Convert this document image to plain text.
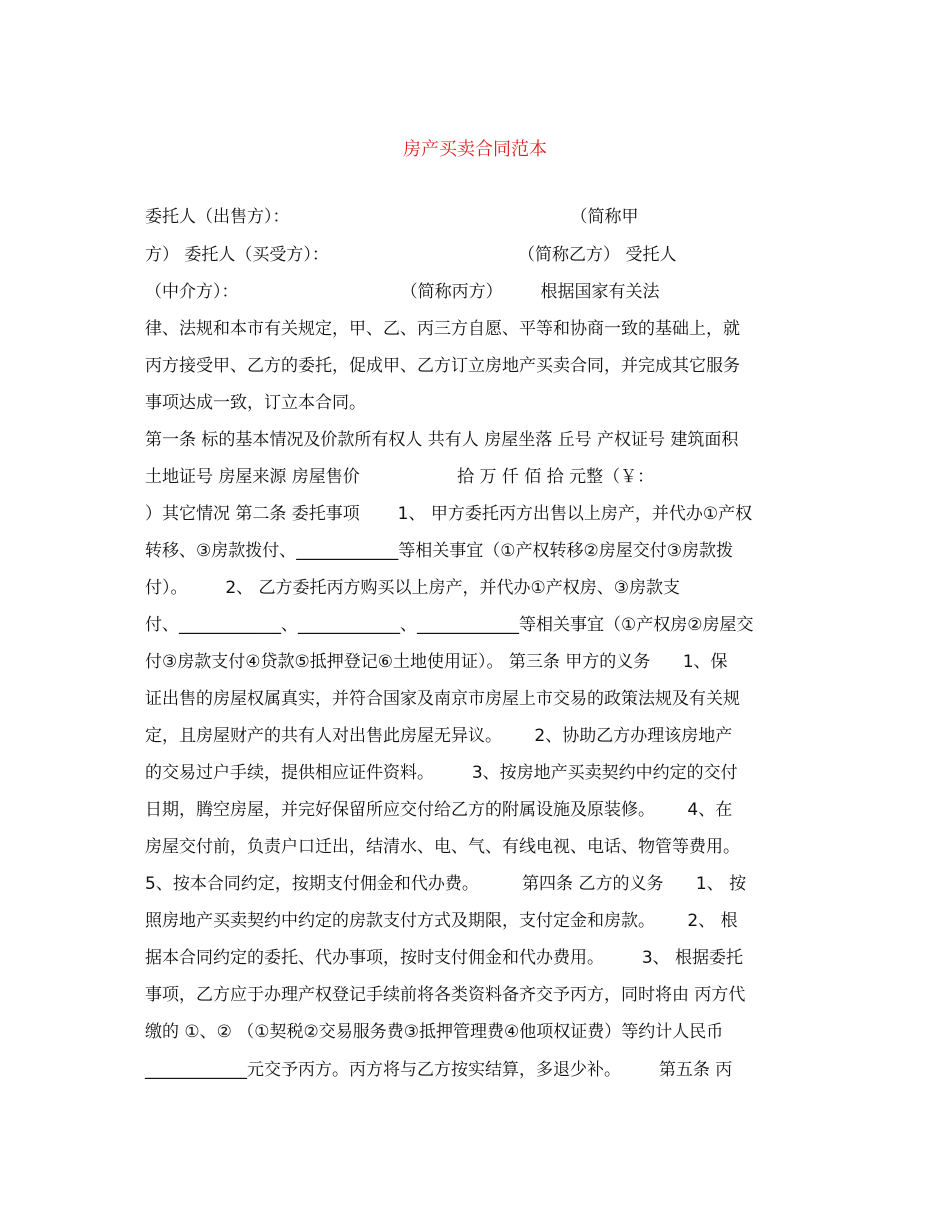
房产买卖合同范本

委托人（出售方）：                                                    （简称甲

方） 委托人（买受方）：                                   （简称乙方） 受托人

（中介方）：                              （简称丙方）       根据国家有关法

律、法规和本市有关规定，甲、乙、丙三方自愿、平等和协商一致的基础上，就

丙方接受甲、乙方的委托，促成甲、乙方订立房地产买卖合同，并完成其它服务

事项达成一致，订立本合同。

第一条 标的基本情况及价款所有权人 共有人 房屋坐落 丘号 产权证号 建筑面积

土地证号 房屋来源 房屋售价                  拾 万 仟 佰 拾 元整（￥：

）其它情况 第二条 委托事项       1、 甲方委托丙方出售以上房产，并代办①产权

转移、③房款拨付、____________等相关事宜（①产权转移②房屋交付③房款拨

付）。       2、 乙方委托丙方购买以上房产，并代办①产权房、③房款支

付、____________、____________、____________等相关事宜（①产权房②房屋交

付③房款支付④贷款⑤抵押登记⑥土地使用证）。 第三条 甲方的义务      1、保

证出售的房屋权属真实，并符合国家及南京市房屋上市交易的政策法规及有关规

定，且房屋财产的共有人对出售此房屋无异议。      2、协助乙方办理该房地产

的交易过户手续，提供相应证件资料。       3、按房地产买卖契约中约定的交付

日期，腾空房屋，并完好保留所应交付给乙方的附属设施及原装修。      4、在

房屋交付前，负责户口迁出，结清水、电、气、有线电视、电话、物管等费用。

5、按本合同约定，按期支付佣金和代办费。        第四条 乙方的义务      1、 按

照房地产买卖契约中约定的房款支付方式及期限，支付定金和房款。      2、 根

据本合同约定的委托、代办事项，按时支付佣金和代办费用。       3、 根据委托

事项，乙方应于办理产权登记手续前将各类资料备齐交予丙方，同时将由 丙方代

缴的 ①、② （①契税②交易服务费③抵押管理费④他项权证费）等约计人民币

____________元交予丙方。丙方将与乙方按实结算，多退少补。       第五条 丙
